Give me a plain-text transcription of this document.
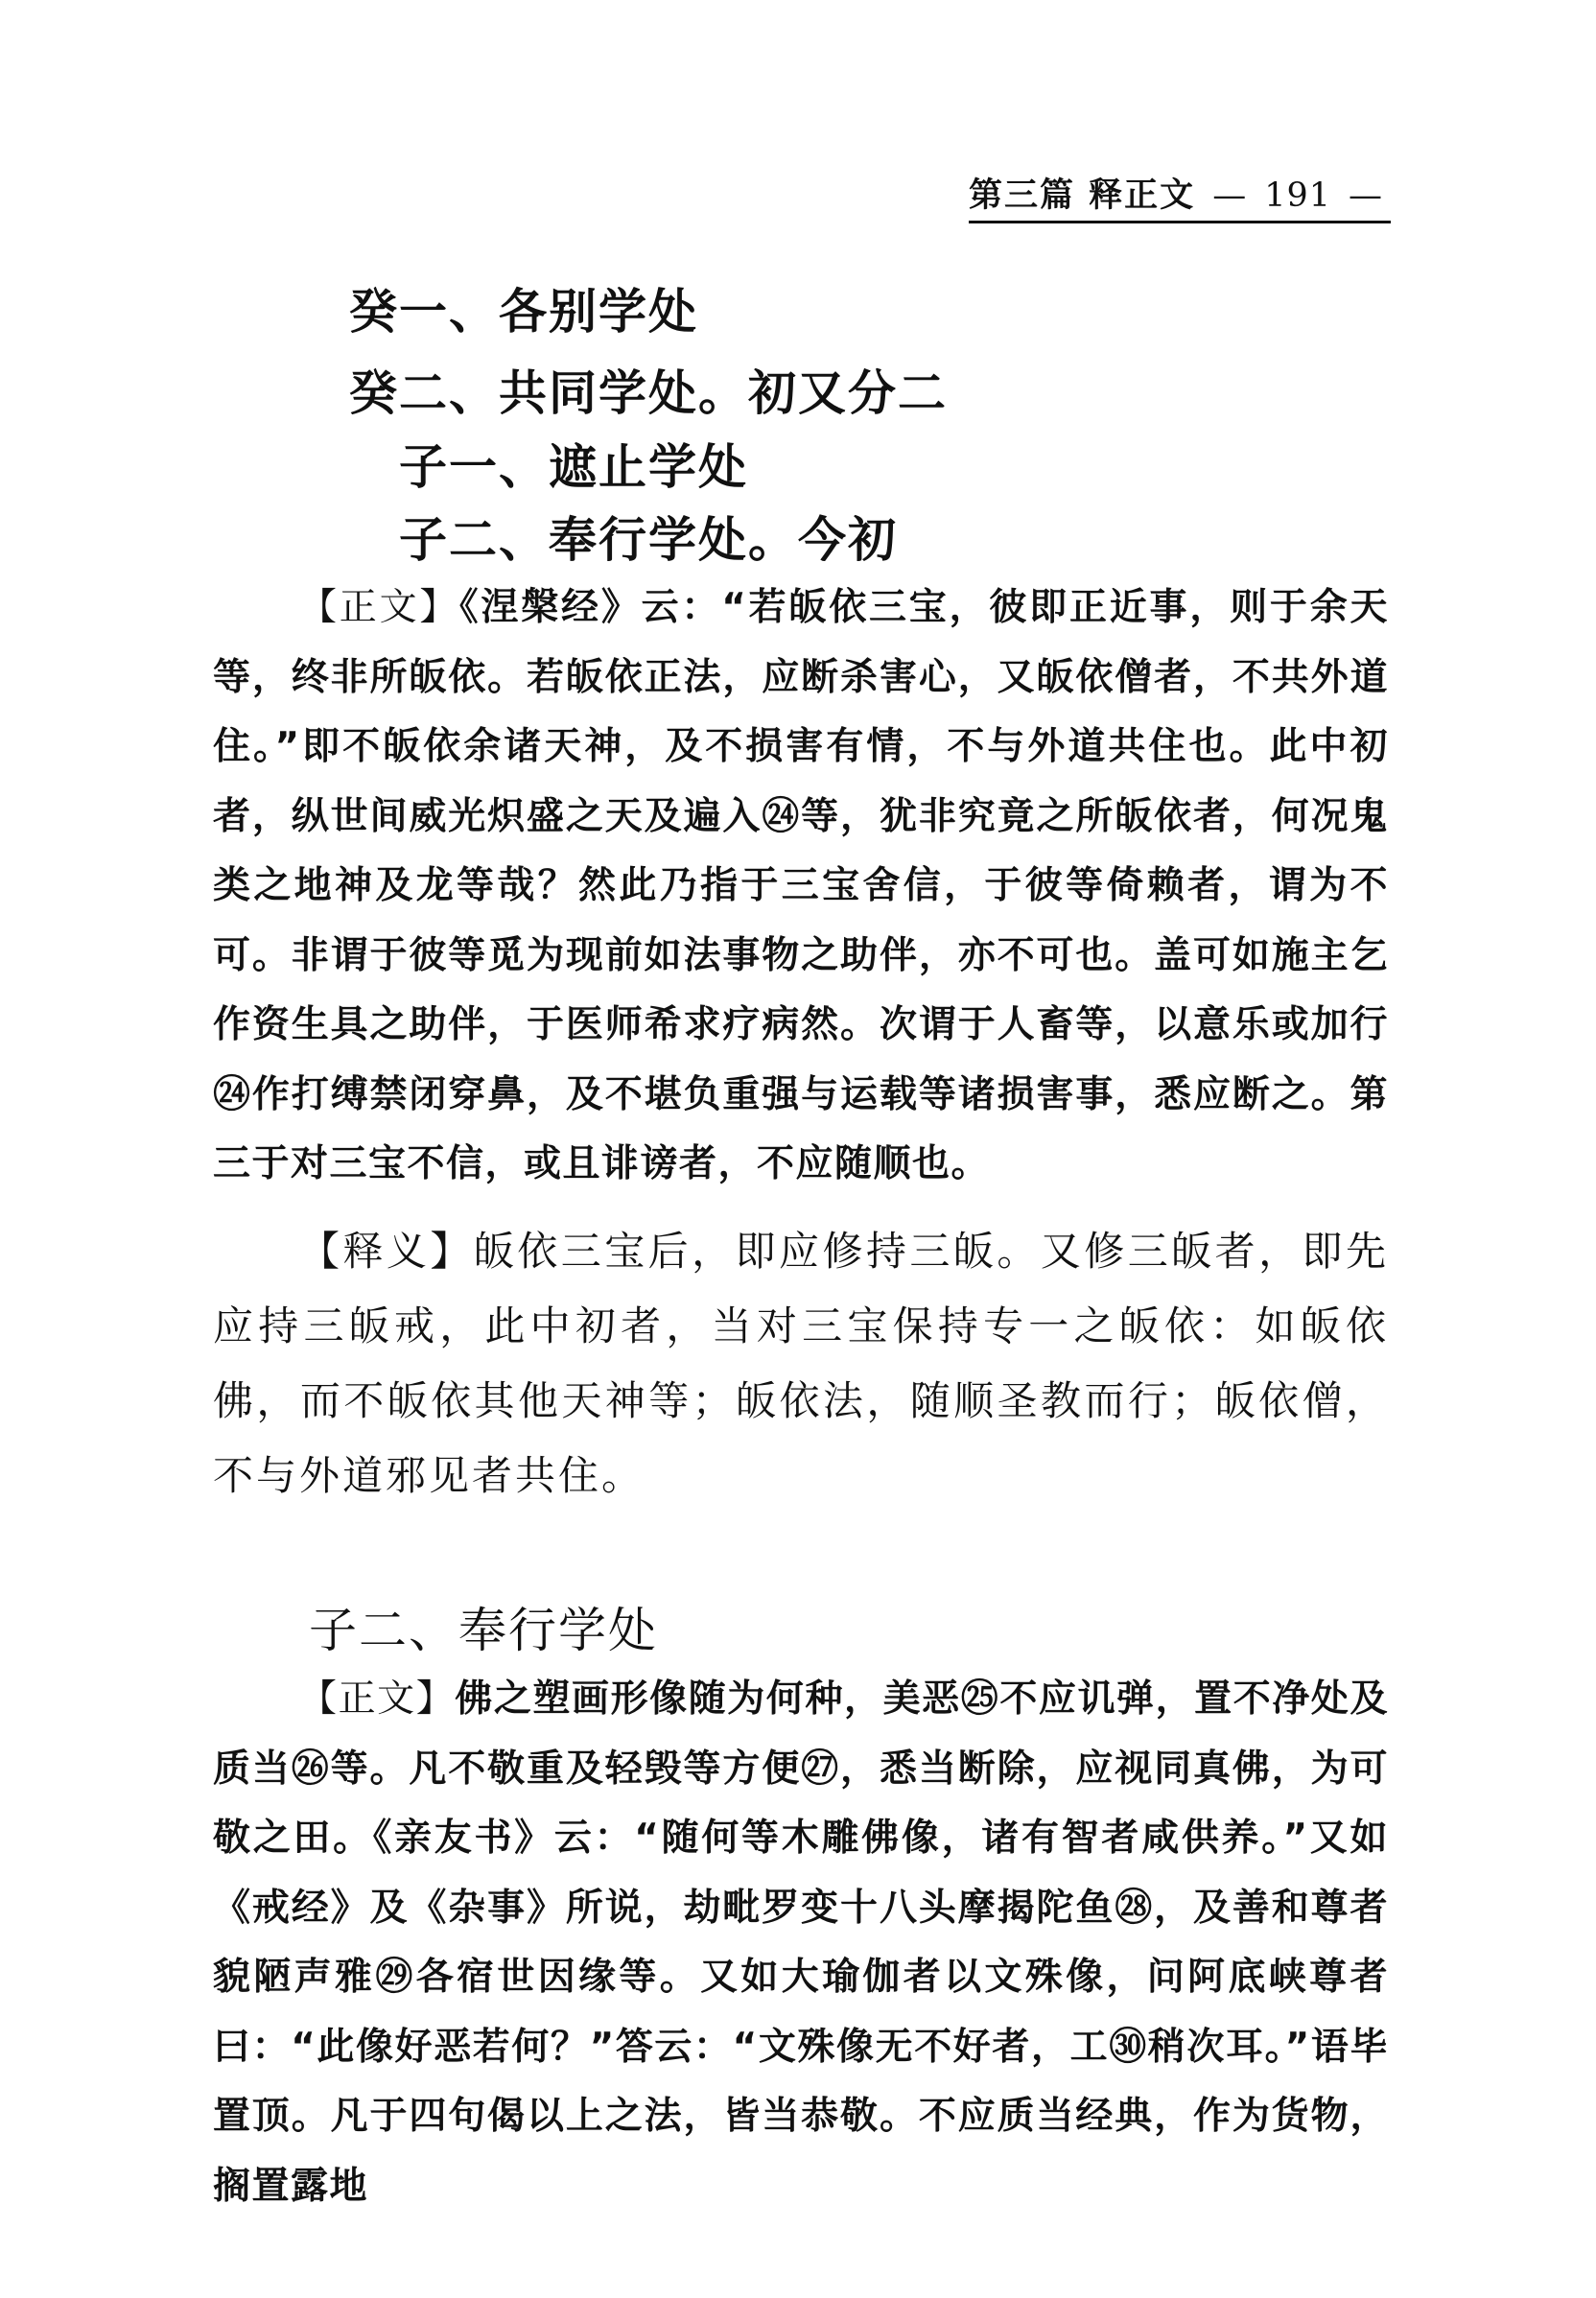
第三篇 释正文 — 191 —
癸一、各别学处
癸二、共同学处。初又分二
子一、遮止学处
子二、奉行学处。今初

【正文】《涅槃经》云：“若皈依三宝，彼即正近事，则于余天等，终非所皈依。若皈依正法，应断杀害心，又皈依僧者，不共外道住。”即不皈依余诸天神，及不损害有情，不与外道共住也。此中初者，纵世间威光炽盛之天及遍入㉔等，犹非究竟之所皈依者，何况鬼类之地神及龙等哉？然此乃指于三宝舍信，于彼等倚赖者，谓为不可。非谓于彼等觅为现前如法事物之助伴，亦不可也。盖可如施主乞作资生具之助伴，于医师希求疗病然。次谓于人畜等，以意乐或加行㉔作打缚禁闭穿鼻，及不堪负重强与运载等诸损害事，悉应断之。第三于对三宝不信，或且诽谤者，不应随顺也。

【释义】皈依三宝后，即应修持三皈。又修三皈者，即先应持三皈戒，此中初者，当对三宝保持专一之皈依：如皈依佛，而不皈依其他天神等；皈依法，随顺圣教而行；皈依僧，不与外道邪见者共住。

子二、奉行学处

【正文】佛之塑画形像随为何种，美恶㉕不应讥弹，置不净处及质当㉖等。凡不敬重及轻毁等方便㉗，悉当断除，应视同真佛，为可敬之田。《亲友书》云：“随何等木雕佛像，诸有智者咸供养。”又如《戒经》及《杂事》所说，劫毗罗变十八头摩揭陀鱼㉘，及善和尊者貌陋声雅㉙各宿世因缘等。又如大瑜伽者以文殊像，问阿底峡尊者曰：“此像好恶若何？”答云：“文殊像无不好者，工㉚稍次耳。”语毕置顶。凡于四句偈以上之法，皆当恭敬。不应质当经典，作为货物，搁置露地
